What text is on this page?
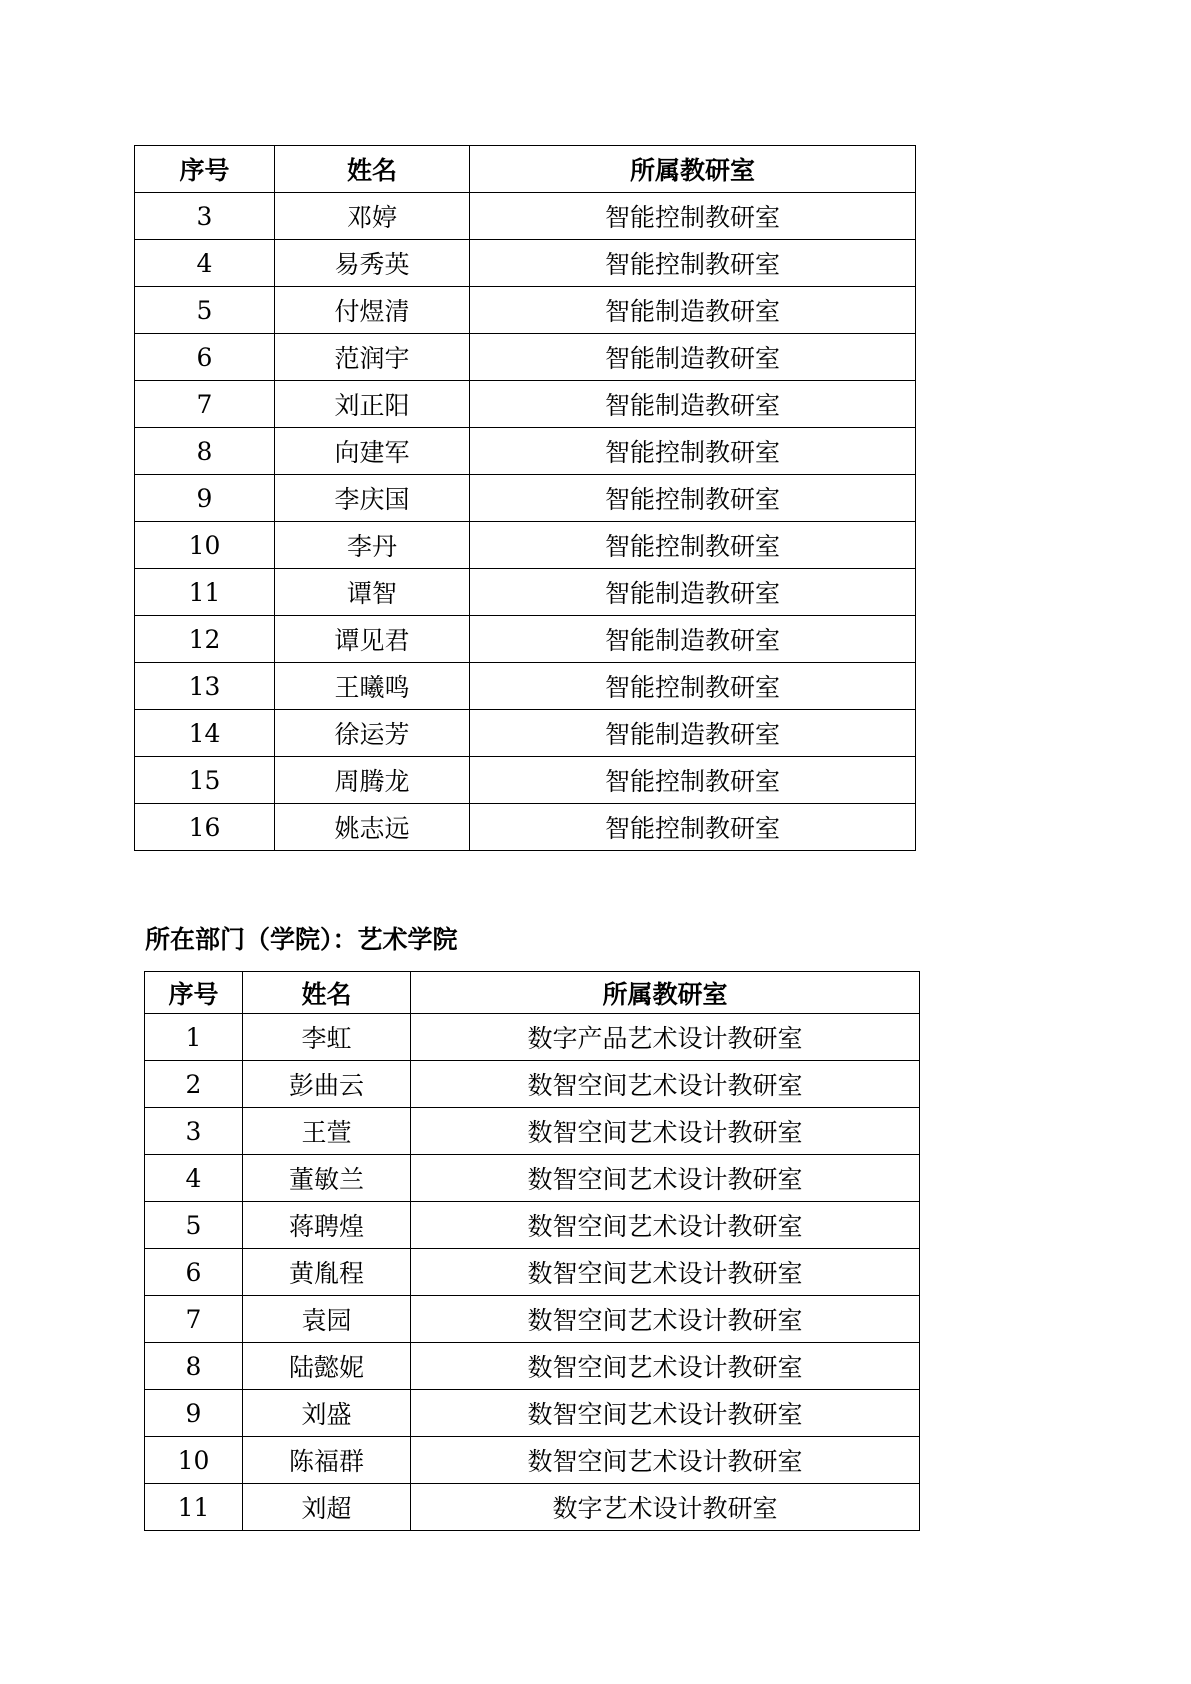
序号	姓名	所属教研室
3	邓婷	智能控制教研室
4	易秀英	智能控制教研室
5	付煜清	智能制造教研室
6	范润宇	智能制造教研室
7	刘正阳	智能制造教研室
8	向建军	智能控制教研室
9	李庆国	智能控制教研室
10	李丹	智能控制教研室
11	谭智	智能制造教研室
12	谭见君	智能制造教研室
13	王曦鸣	智能控制教研室
14	徐运芳	智能制造教研室
15	周腾龙	智能控制教研室
16	姚志远	智能控制教研室
所在部门（学院）：艺术学院
序号	姓名	所属教研室
1	李虹	数字产品艺术设计教研室
2	彭曲云	数智空间艺术设计教研室
3	王萱	数智空间艺术设计教研室
4	董敏兰	数智空间艺术设计教研室
5	蒋聘煌	数智空间艺术设计教研室
6	黄胤程	数智空间艺术设计教研室
7	袁园	数智空间艺术设计教研室
8	陆懿妮	数智空间艺术设计教研室
9	刘盛	数智空间艺术设计教研室
10	陈福群	数智空间艺术设计教研室
11	刘超	数字艺术设计教研室
